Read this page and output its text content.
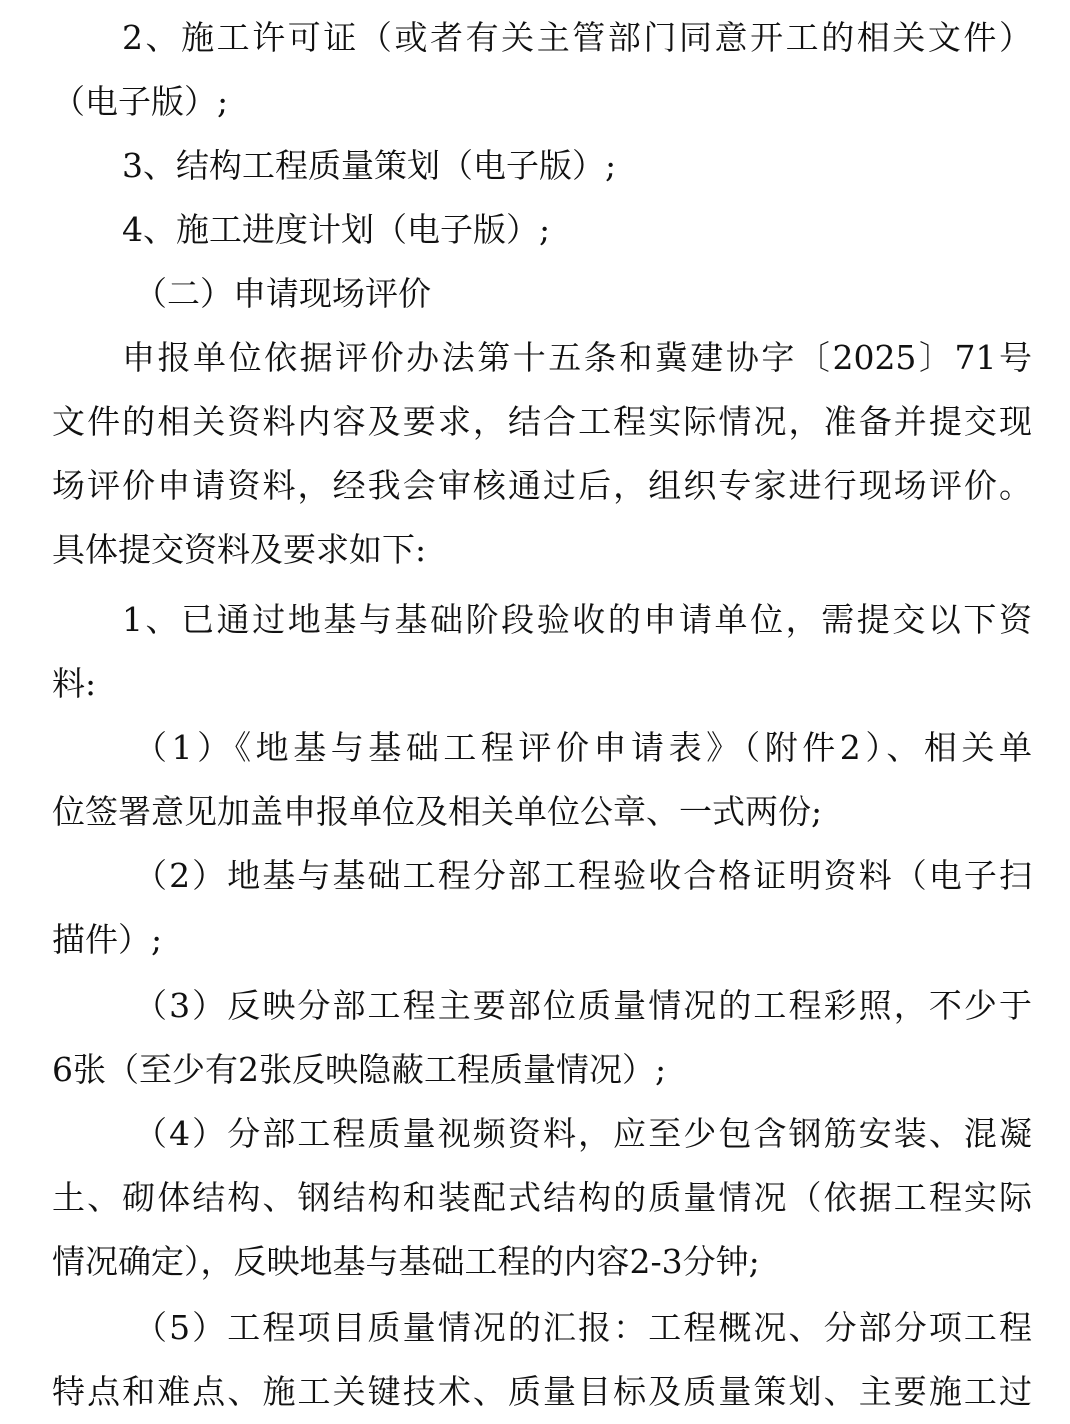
2、施工许可证（或者有关主管部门同意开工的相关文件）
（电子版）;
3、结构工程质量策划（电子版）;
4、施工进度计划（电子版）;
（二）申请现场评价
申报单位依据评价办法第十五条和冀建协字〔2025〕71号
文件的相关资料内容及要求，结合工程实际情况，准备并提交现
场评价申请资料，经我会审核通过后，组织专家进行现场评价。
具体提交资料及要求如下:
1、已通过地基与基础阶段验收的申请单位，需提交以下资
料:
（1）《地基与基础工程评价申请表》（附件2）、相关单
位签署意见加盖申报单位及相关单位公章、一式两份;
（2）地基与基础工程分部工程验收合格证明资料（电子扫
描件）;
（3）反映分部工程主要部位质量情况的工程彩照，不少于
6张（至少有2张反映隐蔽工程质量情况）;
（4）分部工程质量视频资料，应至少包含钢筋安装、混凝
土、砌体结构、钢结构和装配式结构的质量情况（依据工程实际
情况确定），反映地基与基础工程的内容2-3分钟;
（5）工程项目质量情况的汇报：工程概况、分部分项工程
特点和难点、施工关键技术、质量目标及质量策划、主要施工过
